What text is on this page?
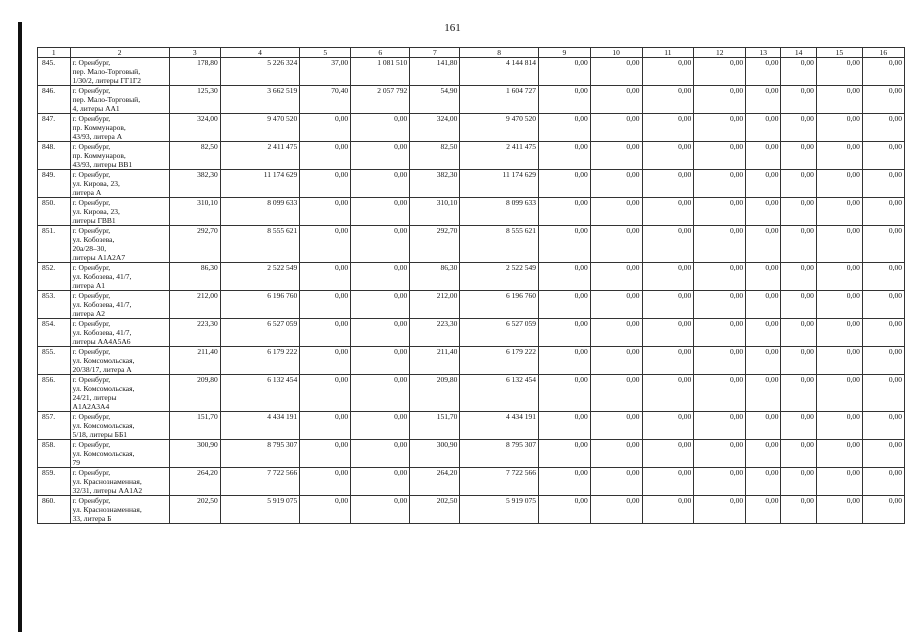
161
1	2	3	4	5	6	7	8	9	10	11	12	13	14	15	16
845.	г. Оренбург,
пер. Мало-Торговый,
1/30/2, литеры ГГ1Г2	178,80	5 226 324	37,00	1 081 510	141,80	4 144 814	0,00	0,00	0,00	0,00	0,00	0,00	0,00	0,00
846.	г. Оренбург,
пер. Мало-Торговый,
4, литеры АА1	125,30	3 662 519	70,40	2 057 792	54,90	1 604 727	0,00	0,00	0,00	0,00	0,00	0,00	0,00	0,00
847.	г. Оренбург,
пр. Коммунаров,
43/93, литера А	324,00	9 470 520	0,00	0,00	324,00	9 470 520	0,00	0,00	0,00	0,00	0,00	0,00	0,00	0,00
848.	г. Оренбург,
пр. Коммунаров,
43/93, литеры ВВ1	82,50	2 411 475	0,00	0,00	82,50	2 411 475	0,00	0,00	0,00	0,00	0,00	0,00	0,00	0,00
849.	г. Оренбург,
ул. Кирова, 23,
литера А	382,30	11 174 629	0,00	0,00	382,30	11 174 629	0,00	0,00	0,00	0,00	0,00	0,00	0,00	0,00
850.	г. Оренбург,
ул. Кирова, 23,
литеры ГВВ1	310,10	8 099 633	0,00	0,00	310,10	8 099 633	0,00	0,00	0,00	0,00	0,00	0,00	0,00	0,00
851.	г. Оренбург,
ул. Кобозева,
20а/28–30,
литеры А1А2А7	292,70	8 555 621	0,00	0,00	292,70	8 555 621	0,00	0,00	0,00	0,00	0,00	0,00	0,00	0,00
852.	г. Оренбург,
ул. Кобозева, 41/7,
литера А1	86,30	2 522 549	0,00	0,00	86,30	2 522 549	0,00	0,00	0,00	0,00	0,00	0,00	0,00	0,00
853.	г. Оренбург,
ул. Кобозева, 41/7,
литера А2	212,00	6 196 760	0,00	0,00	212,00	6 196 760	0,00	0,00	0,00	0,00	0,00	0,00	0,00	0,00
854.	г. Оренбург,
ул. Кобозева, 41/7,
литеры АА4А5А6	223,30	6 527 059	0,00	0,00	223,30	6 527 059	0,00	0,00	0,00	0,00	0,00	0,00	0,00	0,00
855.	г. Оренбург,
ул. Комсомольская,
20/38/17, литера А	211,40	6 179 222	0,00	0,00	211,40	6 179 222	0,00	0,00	0,00	0,00	0,00	0,00	0,00	0,00
856.	г. Оренбург,
ул. Комсомольская,
24/21, литеры
А1А2А3А4	209,80	6 132 454	0,00	0,00	209,80	6 132 454	0,00	0,00	0,00	0,00	0,00	0,00	0,00	0,00
857.	г. Оренбург,
ул. Комсомольская,
5/18, литеры ББ1	151,70	4 434 191	0,00	0,00	151,70	4 434 191	0,00	0,00	0,00	0,00	0,00	0,00	0,00	0,00
858.	г. Оренбург,
ул. Комсомольская,
79	300,90	8 795 307	0,00	0,00	300,90	8 795 307	0,00	0,00	0,00	0,00	0,00	0,00	0,00	0,00
859.	г. Оренбург,
ул. Краснознаменная,
32/31, литеры АА1А2	264,20	7 722 566	0,00	0,00	264,20	7 722 566	0,00	0,00	0,00	0,00	0,00	0,00	0,00	0,00
860.	г. Оренбург,
ул. Краснознаменная,
33, литера Б	202,50	5 919 075	0,00	0,00	202,50	5 919 075	0,00	0,00	0,00	0,00	0,00	0,00	0,00	0,00
